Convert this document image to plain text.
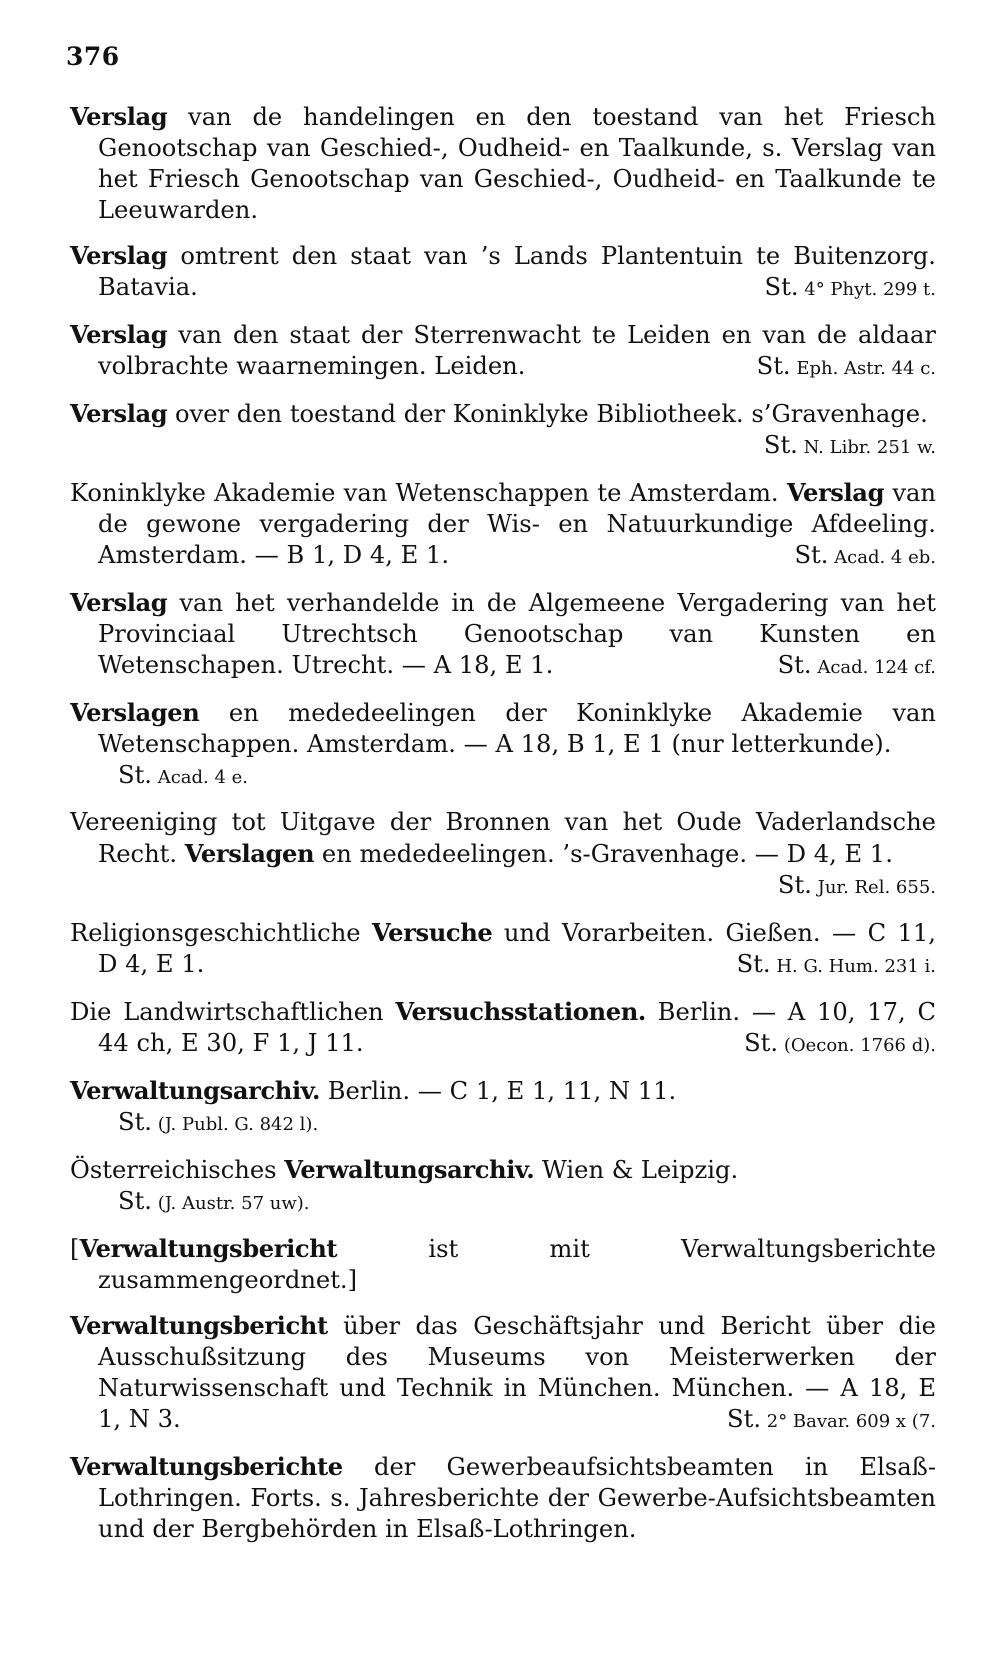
376

Verslag van de handelingen en den toestand van het Friesch Genootschap van Geschied-, Oudheid- en Taalkunde, s. Verslag van het Friesch Genootschap van Geschied-, Oudheid- en Taalkunde te Leeuwarden.

Verslag omtrent den staat van ’s Lands Plantentuin te Buitenzorg. Batavia.	St. 4° Phyt. 299 t.

Verslag van den staat der Sterrenwacht te Leiden en van de aldaar volbrachte waarnemingen. Leiden.	St. Eph. Astr. 44 c.

Verslag over den toestand der Koninklyke Bibliotheek. s’Gravenhage.
St. N. Libr. 251 w.

Koninklyke Akademie van Wetenschappen te Amsterdam. Verslag van de gewone vergadering der Wis- en Natuurkundige Afdeeling. Amsterdam. — B 1, D 4, E 1.	St. Acad. 4 eb.

Verslag van het verhandelde in de Algemeene Vergadering van het Provinciaal Utrechtsch Genootschap van Kunsten en Wetenschapen. Utrecht. — A 18, E 1.	St. Acad. 124 cf.

Verslagen en mededeelingen der Koninklyke Akademie van Wetenschappen. Amsterdam. — A 18, B 1, E 1 (nur letterkunde).
St. Acad. 4 e.

Vereeniging tot Uitgave der Bronnen van het Oude Vaderlandsche Recht. Verslagen en mededeelingen. ’s-Gravenhage. — D 4, E 1.
St. Jur. Rel. 655.

Religionsgeschichtliche Versuche und Vorarbeiten. Gießen. — C 11, D 4, E 1.	St. H. G. Hum. 231 i.

Die Landwirtschaftlichen Versuchsstationen. Berlin. — A 10, 17, C 44 ch, E 30, F 1, J 11.	St. (Oecon. 1766 d).

Verwaltungsarchiv. Berlin. — C 1, E 1, 11, N 11.
St. (J. Publ. G. 842 l).

Österreichisches Verwaltungsarchiv. Wien & Leipzig.
St. (J. Austr. 57 uw).

[Verwaltungsbericht ist mit Verwaltungsberichte zusammengeordnet.]

Verwaltungsbericht über das Geschäftsjahr und Bericht über die Ausschußsitzung des Museums von Meisterwerken der Naturwissenschaft und Technik in München. München. — A 18, E 1, N 3.	St. 2° Bavar. 609 x (7.

Verwaltungsberichte der Gewerbeaufsichtsbeamten in Elsaß-Lothringen. Forts. s. Jahresberichte der Gewerbe-Aufsichtsbeamten und der Bergbehörden in Elsaß-Lothringen.
